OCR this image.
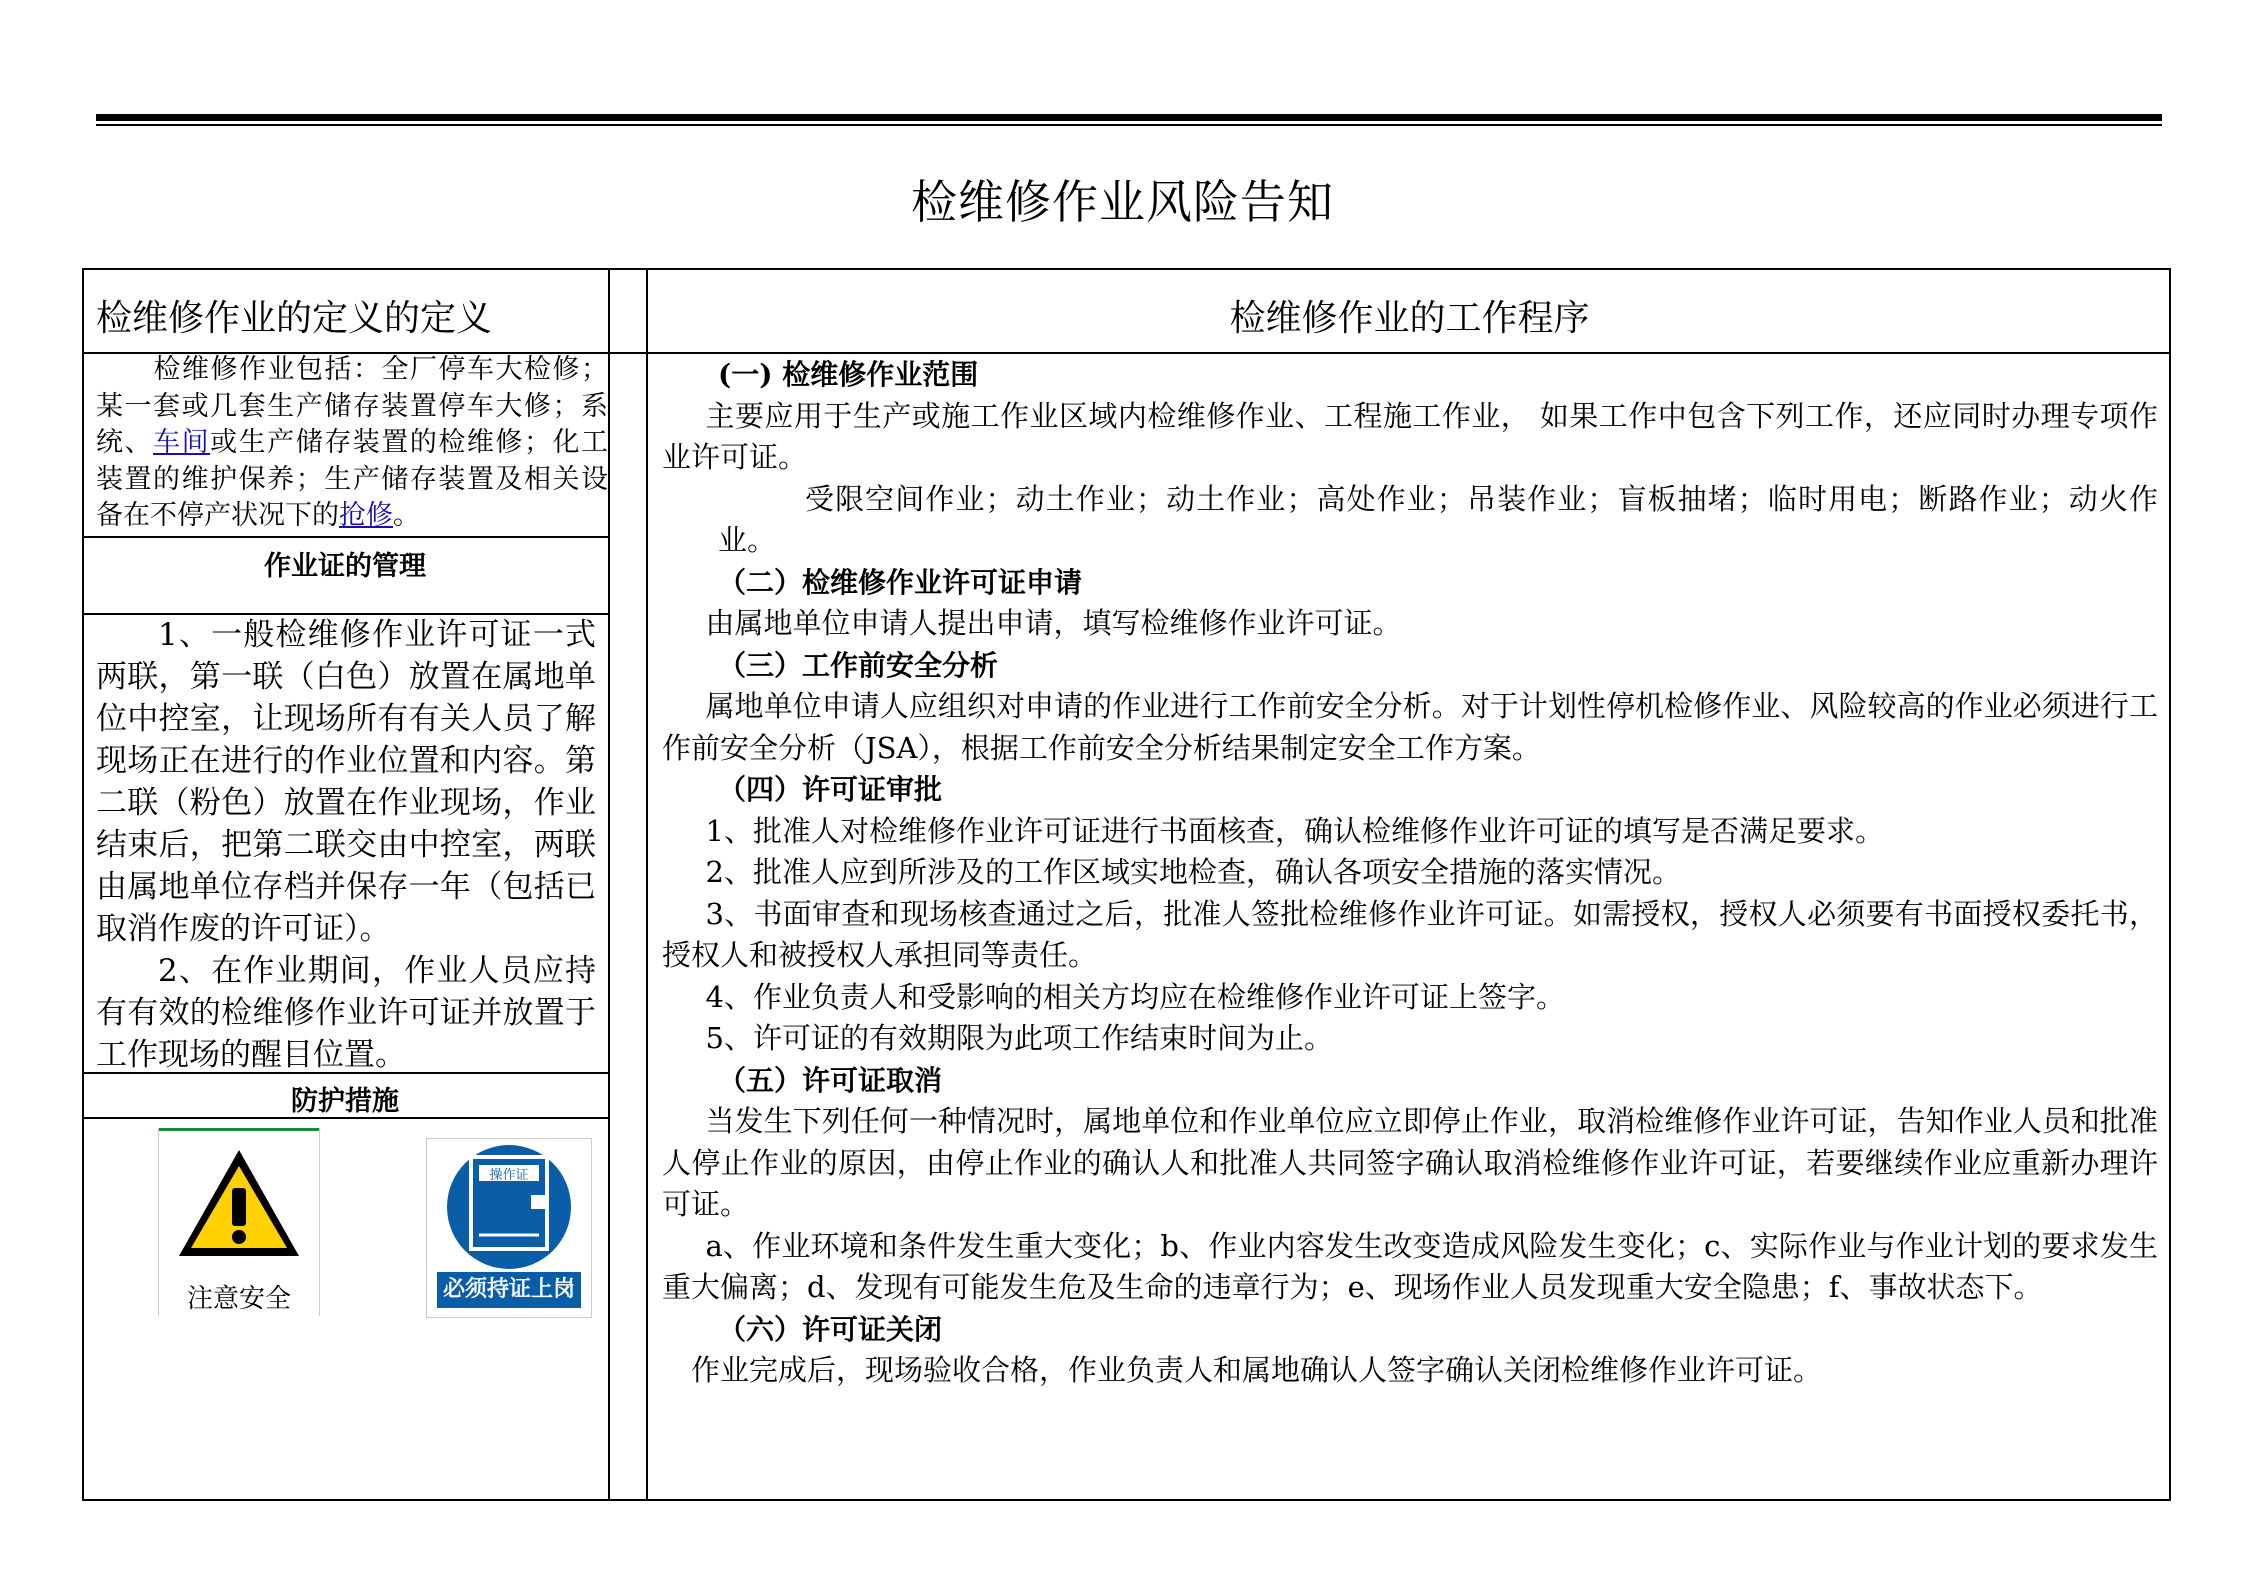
检维修作业风险告知
检维修作业的定义的定义	检维修作业的工作程序
检维修作业包括：全厂停车大检修；某一套或几套生产储存装置停车大修；系统、车间或生产储存装置的检维修；化工装置的维护保养；生产储存装置及相关设备在不停产状况下的抢修。
作业证的管理

1、一般检维修作业许可证一式两联，第一联（白色）放置在属地单位中控室，让现场所有有关人员了解现场正在进行的作业位置和内容。第二联（粉色）放置在作业现场，作业结束后，把第二联交由中控室，两联由属地单位存档并保存一年（包括已取消作废的许可证）。

2、在作业期间，作业人员应持有有效的检维修作业许可证并放置于工作现场的醒目位置。

防护措施
注意安全
操作证
必须持证上岗
(一) 检维修作业范围
主要应用于生产或施工作业区域内检维修作业、工程施工作业， 如果工作中包含下列工作，还应同时办理专项作业许可证。
受限空间作业；动土作业；动土作业；高处作业；吊装作业；盲板抽堵；临时用电；断路作业；动火作业。
（二）检维修作业许可证申请
由属地单位申请人提出申请，填写检维修作业许可证。
（三）工作前安全分析
属地单位申请人应组织对申请的作业进行工作前安全分析。对于计划性停机检修作业、风险较高的作业必须进行工作前安全分析（JSA），根据工作前安全分析结果制定安全工作方案。
（四）许可证审批
1、批准人对检维修作业许可证进行书面核查，确认检维修作业许可证的填写是否满足要求。
2、批准人应到所涉及的工作区域实地检查，确认各项安全措施的落实情况。
3、书面审查和现场核查通过之后，批准人签批检维修作业许可证。如需授权，授权人必须要有书面授权委托书，授权人和被授权人承担同等责任。
4、作业负责人和受影响的相关方均应在检维修作业许可证上签字。
5、许可证的有效期限为此项工作结束时间为止。
（五）许可证取消
当发生下列任何一种情况时，属地单位和作业单位应立即停止作业，取消检维修作业许可证，告知作业人员和批准人停止作业的原因，由停止作业的确认人和批准人共同签字确认取消检维修作业许可证，若要继续作业应重新办理许可证。
a、作业环境和条件发生重大变化；b、作业内容发生改变造成风险发生变化；c、实际作业与作业计划的要求发生重大偏离；d、发现有可能发生危及生命的违章行为；e、现场作业人员发现重大安全隐患；f、事故状态下。
（六）许可证关闭
作业完成后，现场验收合格，作业负责人和属地确认人签字确认关闭检维修作业许可证。
